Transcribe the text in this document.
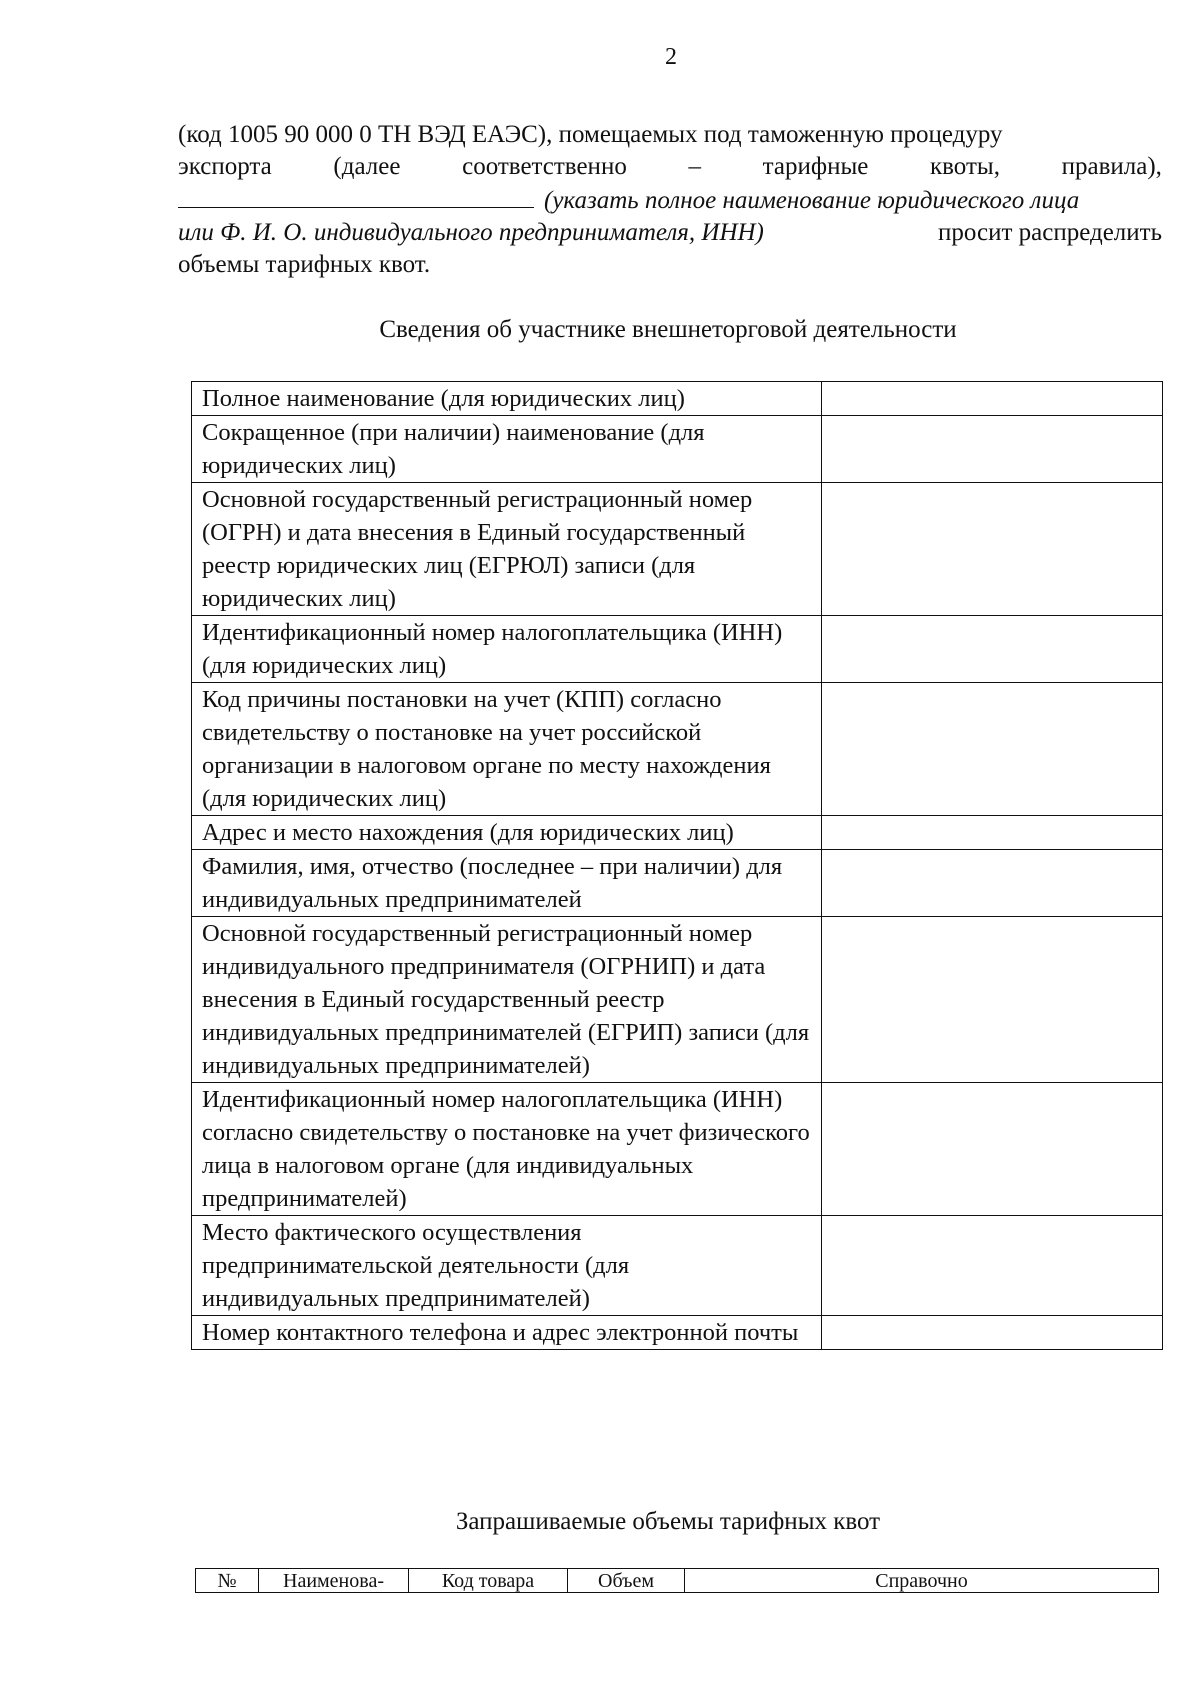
2
(код 1005 90 000 0 ТН ВЭД ЕАЭС), помещаемых под таможенную процедуру
экспорта (далее соответственно – тарифные квоты, правила),
(указать полное наименование юридического лица
или Ф. И. О. индивидуального предпринимателя, ИНН)	просит распределить
объемы тарифных квот.
Сведения об участнике внешнеторговой деятельности
Полное наименование (для юридических лиц)	
Сокращенное (при наличии) наименование (для юридических лиц)	
Основной государственный регистрационный номер (ОГРН) и дата внесения в Единый государственный реестр юридических лиц (ЕГРЮЛ) записи (для юридических лиц)	
Идентификационный номер налогоплательщика (ИНН) (для юридических лиц)	
Код причины постановки на учет (КПП) согласно свидетельству о постановке на учет российской организации в налоговом органе по месту нахождения (для юридических лиц)	
Адрес и место нахождения (для юридических лиц)	
Фамилия, имя, отчество (последнее – при наличии) для индивидуальных предпринимателей	
Основной государственный регистрационный номер индивидуального предпринимателя (ОГРНИП) и дата внесения в Единый государственный реестр индивидуальных предпринимателей (ЕГРИП) записи (для индивидуальных предпринимателей)	
Идентификационный номер налогоплательщика (ИНН) согласно свидетельству о постановке на учет физического лица в налоговом органе (для индивидуальных предпринимателей)	
Место фактического осуществления предпринимательской деятельности (для индивидуальных предпринимателей)	
Номер контактного телефона и адрес электронной почты	
Запрашиваемые объемы тарифных квот
№	Наименова-	Код товара	Объем	Справочно
